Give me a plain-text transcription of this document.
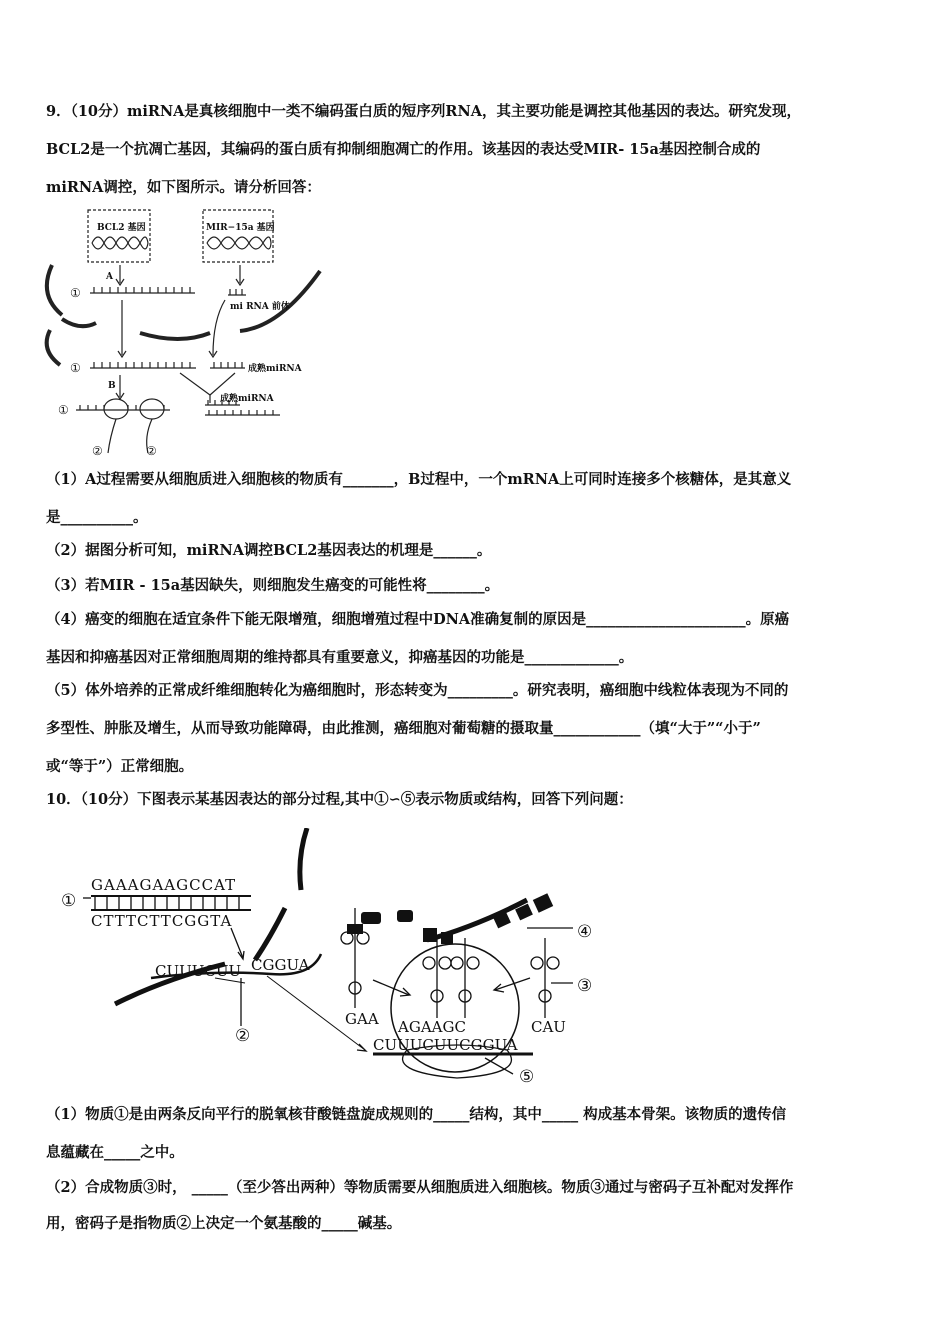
9．（10分）miRNA是真核细胞中一类不编码蛋白质的短序列RNA，其主要功能是调控其他基因的表达。研究发现，
BCL2是一个抗凋亡基因，其编码的蛋白质有抑制细胞凋亡的作用。该基因的表达受MIR- 15a基因控制合成的
miRNA调控，如下图所示。请分析回答：
BCL2 基因	MIR−15a 基因
A
B
mi RNA 前体
成熟miRNA
成熟miRNA
①
①
①
②	②
（1）A过程需要从细胞质进入细胞核的物质有_______，B过程中，一个mRNA上可同时连接多个核糖体，是其意义
是__________。
（2）据图分析可知，miRNA调控BCL2基因表达的机理是______。
（3）若MIR - 15a基因缺失，则细胞发生癌变的可能性将________。
（4）癌变的细胞在适宜条件下能无限增殖，细胞增殖过程中DNA准确复制的原因是______________________。原癌
基因和抑癌基因对正常细胞周期的维持都具有重要意义，抑癌基因的功能是_____________。
（5）体外培养的正常成纤维细胞转化为癌细胞时，形态转变为_________。研究表明，癌细胞中线粒体表现为不同的
多型性、肿胀及增生，从而导致功能障碍，由此推测，癌细胞对葡萄糖的摄取量____________（填“大于”“小于”
或“等于”）正常细胞。
10．（10分）下图表示某基因表达的部分过程,其中①∽⑤表示物质或结构，回答下列问题：
GAAAGAAGCCAT
CTTTCTTCGGTA
CUUUCUU CGGUA
GAA AGAAGC	CAU
CUUUCUUCGGUA
①
②
③
④
⑤
（1）物质①是由两条反向平行的脱氧核苷酸链盘旋成规则的_____结构，其中_____ 构成基本骨架。该物质的遗传信
息蕴藏在_____之中。
（2）合成物质③时， _____（至少答出两种）等物质需要从细胞质进入细胞核。物质③通过与密码子互补配对发挥作
用，密码子是指物质②上决定一个氨基酸的_____碱基。
